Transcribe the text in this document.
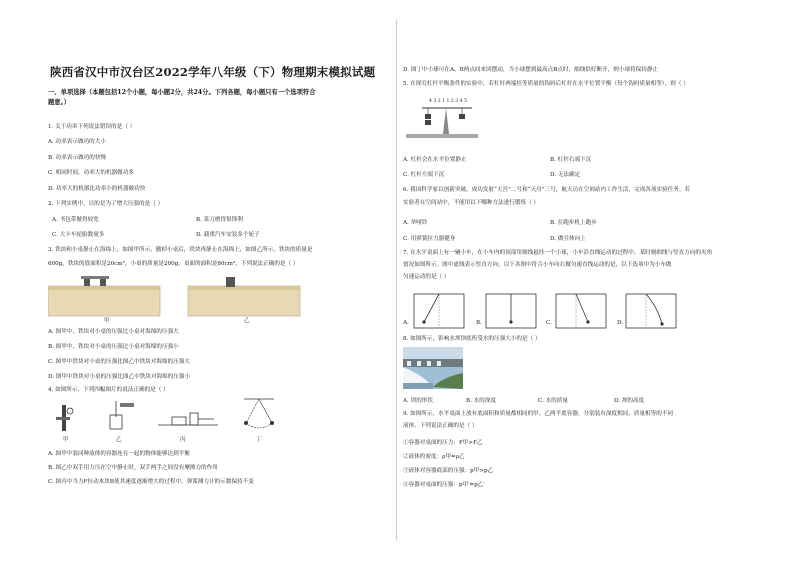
陕西省汉中市汉台区2022学年八年级（下）物理期末模拟试题
一、单项选择（本题包括12个小题，每小题2分，共24分。下列各题，每小题只有一个选项符合
题意。）
1. 关于功率下列说法错误的是（ ）
A. 功率表示做功的大小
B. 功率表示做功的快慢
C. 相同时间，功率大的机器做功多
D. 功率大的机器比功率小的机器做功快
2. 下列实例中，目的是为了增大压强的是（ ）
A. 书包带做得较宽	B. 菜刀磨得很锋利
C. 大卡车轮胎数量多	D. 载重汽车安装多个轮子
3. 铁块和小桌静止在海绵上，如图甲所示，撤掉小桌后，铁块再静止在海绵上，如图乙所示，铁块的质量是
600g，铁块的底面积是20cm²，小桌的质量是200g，桌面的面积是80cm²，下列说法正确的是（ ）
甲	乙
A. 图甲中，铁块对小桌的压强比小桌对海绵的压强大
B. 图甲中，铁块对小桌的压强比小桌对海绵的压强小
C. 图甲中铁块对小桌的压强比图乙中铁块对海绵的压强大
D. 图甲中铁块对小桌的压强比图乙中铁块对海绵的压强小
4. 如图所示，下列四幅图片的说法正确的是（ ）
甲	乙	丙	丁
A. 图甲中装同种液体的容器连在一起的物体能够达到平衡
B. 图乙中双手用力压在空中静止时，双手两手之间没有摩擦力的作用
C. 图丙中当力F拉动木块B使其速度逐渐增大的过程中，弹簧测力计的示数保持不变
D. 图丁中小球可在A、B两点间来回摆动，当小球摆到最高点B点时，细线恰好断开，则小球将保持静止
5. 在探究杠杆平衡条件的实验中，若杠杆两端挂等质量的钩码后杠杆在水平位置平衡（每个钩码质量相等），则（ ）
4 3 2 1 1 2 3 4 5
A. 杠杆会在水平位置静止	B. 杠杆右端下沉
C. 杠杆左端下沉	D. 无法确定
6. 我国科学家以创新突破，成功发射“天宫”二号和“天舟”三号，航天员在空间站内工作生活，完成各项实验任务。若
实验者在空间站中，不能用以下哪种方法进行锻炼（ ）
A. 举哑铃	B. 在跑步机上跑步
C. 用弹簧拉力器健身	D. 做引体向上
7. 在水平桌面上有一辆小车，在小车内的顶部用细线悬挂一个小球，小车沿直线运动的过程中，某时刻细线与竖直方向的夹角
情况如图所示。图中虚线表示竖直方向，以下各图中符合小车向右做匀速直线运动的是，以下选项中为小车做
匀速运动的是（ ）
A.	B.	C.	D.
8. 如图所示，影响水坝坝底所受水的压强大小的是（ ）
A. 坝的形状	B. 水的深度	C. 水的质量	D. 坝的高度
9. 如图所示，水平桌面上放有底面积和质量都相同的甲、乙两平底容器，分别装有深度相同、质量相等的不同
液体，下列说法正确的是（ ）
①容器对桌面的压力：F甲>F乙
②液体的密度：ρ甲=ρ乙
③液体对容器底部的压强：p甲>p乙
④容器对桌面的压强：p甲′=p乙′
